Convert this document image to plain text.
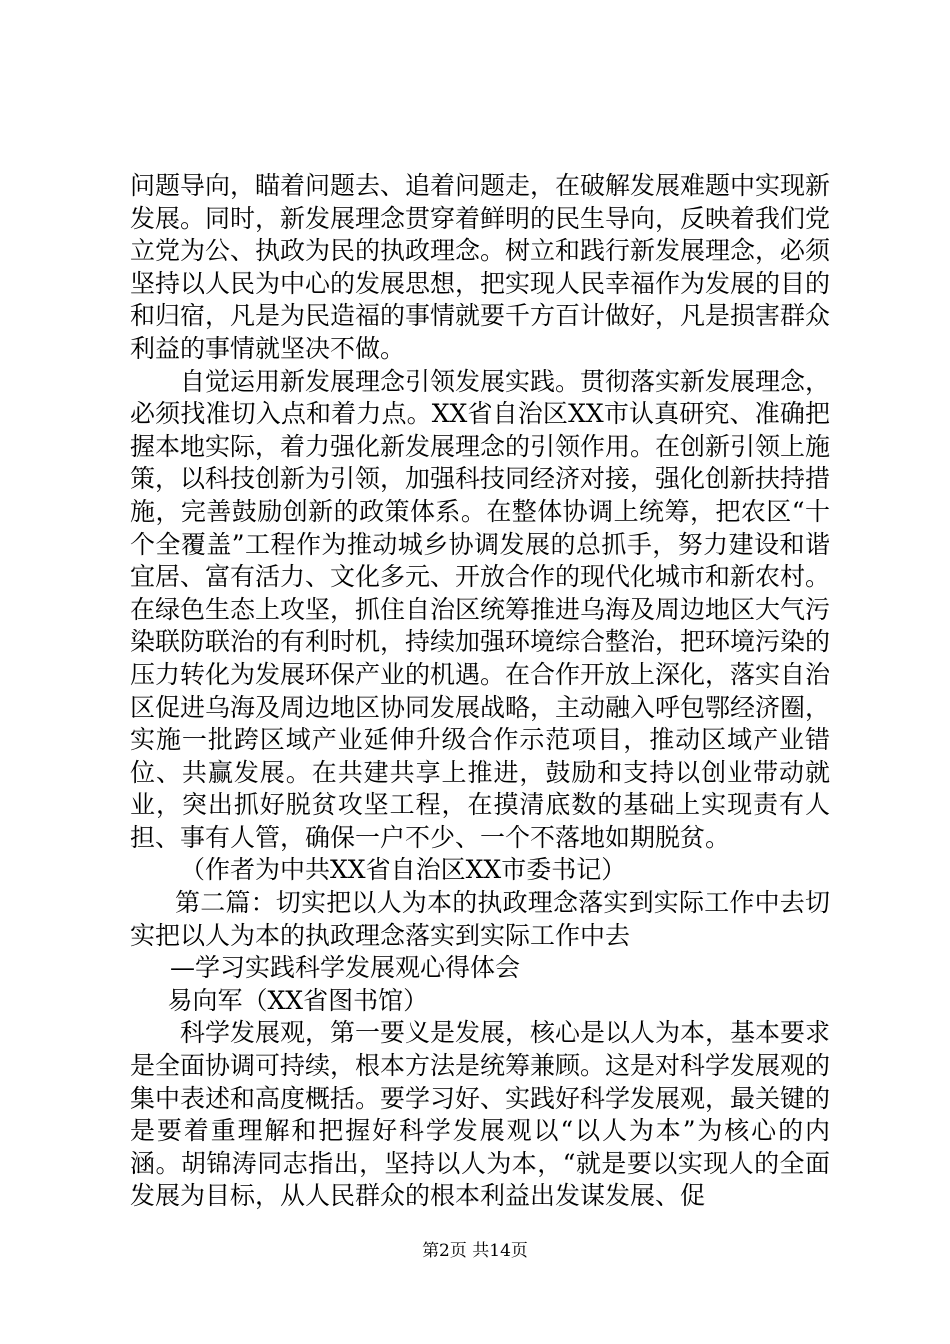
问题导向，瞄着问题去、追着问题走，在破解发展难题中实现新发展。同时，新发展理念贯穿着鲜明的民生导向，反映着我们党立党为公、执政为民的执政理念。树立和践行新发展理念，必须坚持以人民为中心的发展思想，把实现人民幸福作为发展的目的和归宿，凡是为民造福的事情就要千方百计做好，凡是损害群众利益的事情就坚决不做。

自觉运用新发展理念引领发展实践。贯彻落实新发展理念，必须找准切入点和着力点。XX省自治区XX市认真研究、准确把握本地实际，着力强化新发展理念的引领作用。在创新引领上施策，以科技创新为引领，加强科技同经济对接，强化创新扶持措施，完善鼓励创新的政策体系。在整体协调上统筹，把农区“十个全覆盖”工程作为推动城乡协调发展的总抓手，努力建设和谐宜居、富有活力、文化多元、开放合作的现代化城市和新农村。在绿色生态上攻坚，抓住自治区统筹推进乌海及周边地区大气污染联防联治的有利时机，持续加强环境综合整治，把环境污染的压力转化为发展环保产业的机遇。在合作开放上深化，落实自治区促进乌海及周边地区协同发展战略，主动融入呼包鄂经济圈，实施一批跨区域产业延伸升级合作示范项目，推动区域产业错位、共赢发展。在共建共享上推进，鼓励和支持以创业带动就业，突出抓好脱贫攻坚工程，在摸清底数的基础上实现责有人担、事有人管，确保一户不少、一个不落地如期脱贫。

（作者为中共XX省自治区XX市委书记）

第二篇：切实把以人为本的执政理念落实到实际工作中去切实把以人为本的执政理念落实到实际工作中去

—学习实践科学发展观心得体会

易向军（XX省图书馆）

科学发展观，第一要义是发展，核心是以人为本，基本要求是全面协调可持续，根本方法是统筹兼顾。这是对科学发展观的集中表述和高度概括。要学习好、实践好科学发展观，最关键的是要着重理解和把握好科学发展观以“以人为本”为核心的内涵。胡锦涛同志指出，坚持以人为本，“就是要以实现人的全面发展为目标，从人民群众的根本利益出发谋发展、促

第2页 共14页
